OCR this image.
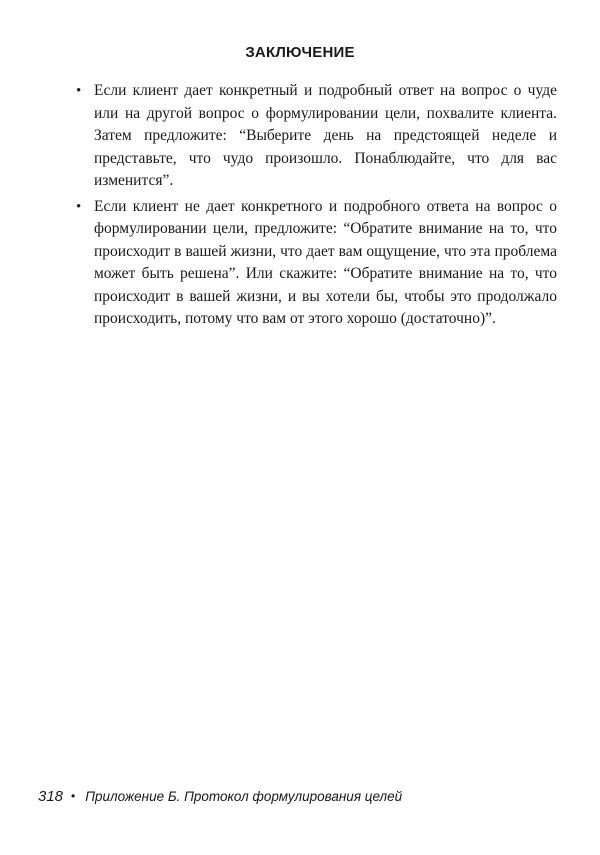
ЗАКЛЮЧЕНИЕ
• Если клиент дает конкретный и подробный ответ на вопрос о чуде или на другой вопрос о формулировании цели, похвалите клиента. Затем предложите: “Выберите день на предстоящей неделе и представьте, что чудо произошло. Понаблюдайте, что для вас изменится”.
• Если клиент не дает конкретного и подробного ответа на вопрос о формулировании цели, предложите: “Обратите внимание на то, что происходит в вашей жизни, что дает вам ощущение, что эта проблема может быть решена”. Или скажите: “Обратите внимание на то, что происходит в вашей жизни, и вы хотели бы, чтобы это продолжало происходить, потому что вам от этого хорошо (достаточно)”.
318 • Приложение Б. Протокол формулирования целей
